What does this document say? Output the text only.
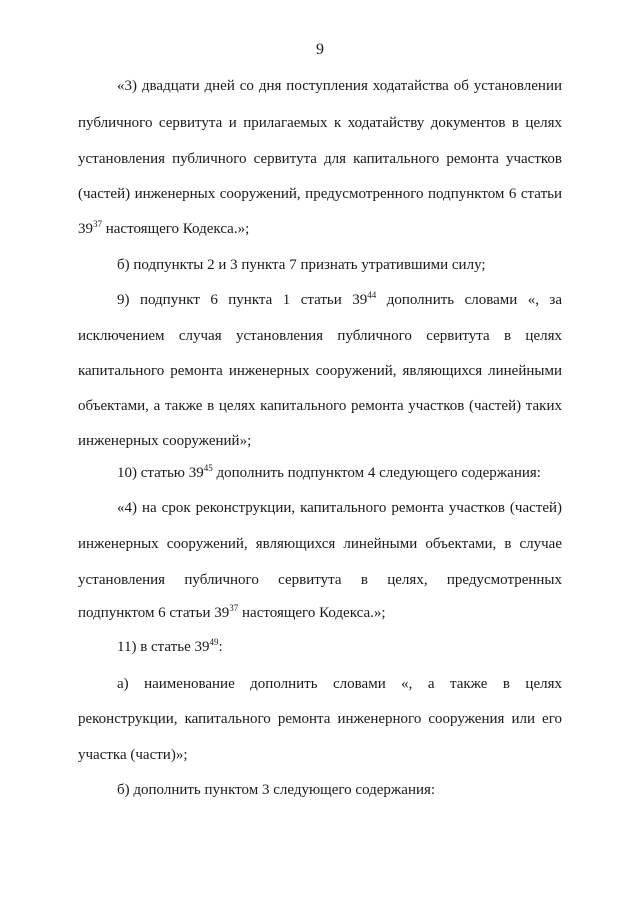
9
«3) двадцати дней со дня поступления ходатайства об установлении
публичного сервитута и прилагаемых к ходатайству документов в целях
установления публичного сервитута для капитального ремонта участков
(частей) инженерных сооружений, предусмотренного подпунктом 6 статьи
$39^{37}$ настоящего Кодекса.»;
б) подпункты 2 и 3 пункта 7 признать утратившими силу;
9) подпункт 6 пункта 1 статьи $39^{44}$ дополнить словами «, за
исключением случая установления публичного сервитута в целях
капитального ремонта инженерных сооружений, являющихся линейными
объектами, а также в целях капитального ремонта участков (частей) таких
инженерных сооружений»;
10) статью $39^{45}$ дополнить подпунктом 4 следующего содержания:
«4) на срок реконструкции, капитального ремонта участков (частей)
инженерных сооружений, являющихся линейными объектами, в случае
установления публичного сервитута в целях, предусмотренных
подпунктом 6 статьи $39^{37}$ настоящего Кодекса.»;
11) в статье $39^{49}$:
а) наименование дополнить словами «, а также в целях
реконструкции, капитального ремонта инженерного сооружения или его
участка (части)»;
б) дополнить пунктом 3 следующего содержания:
